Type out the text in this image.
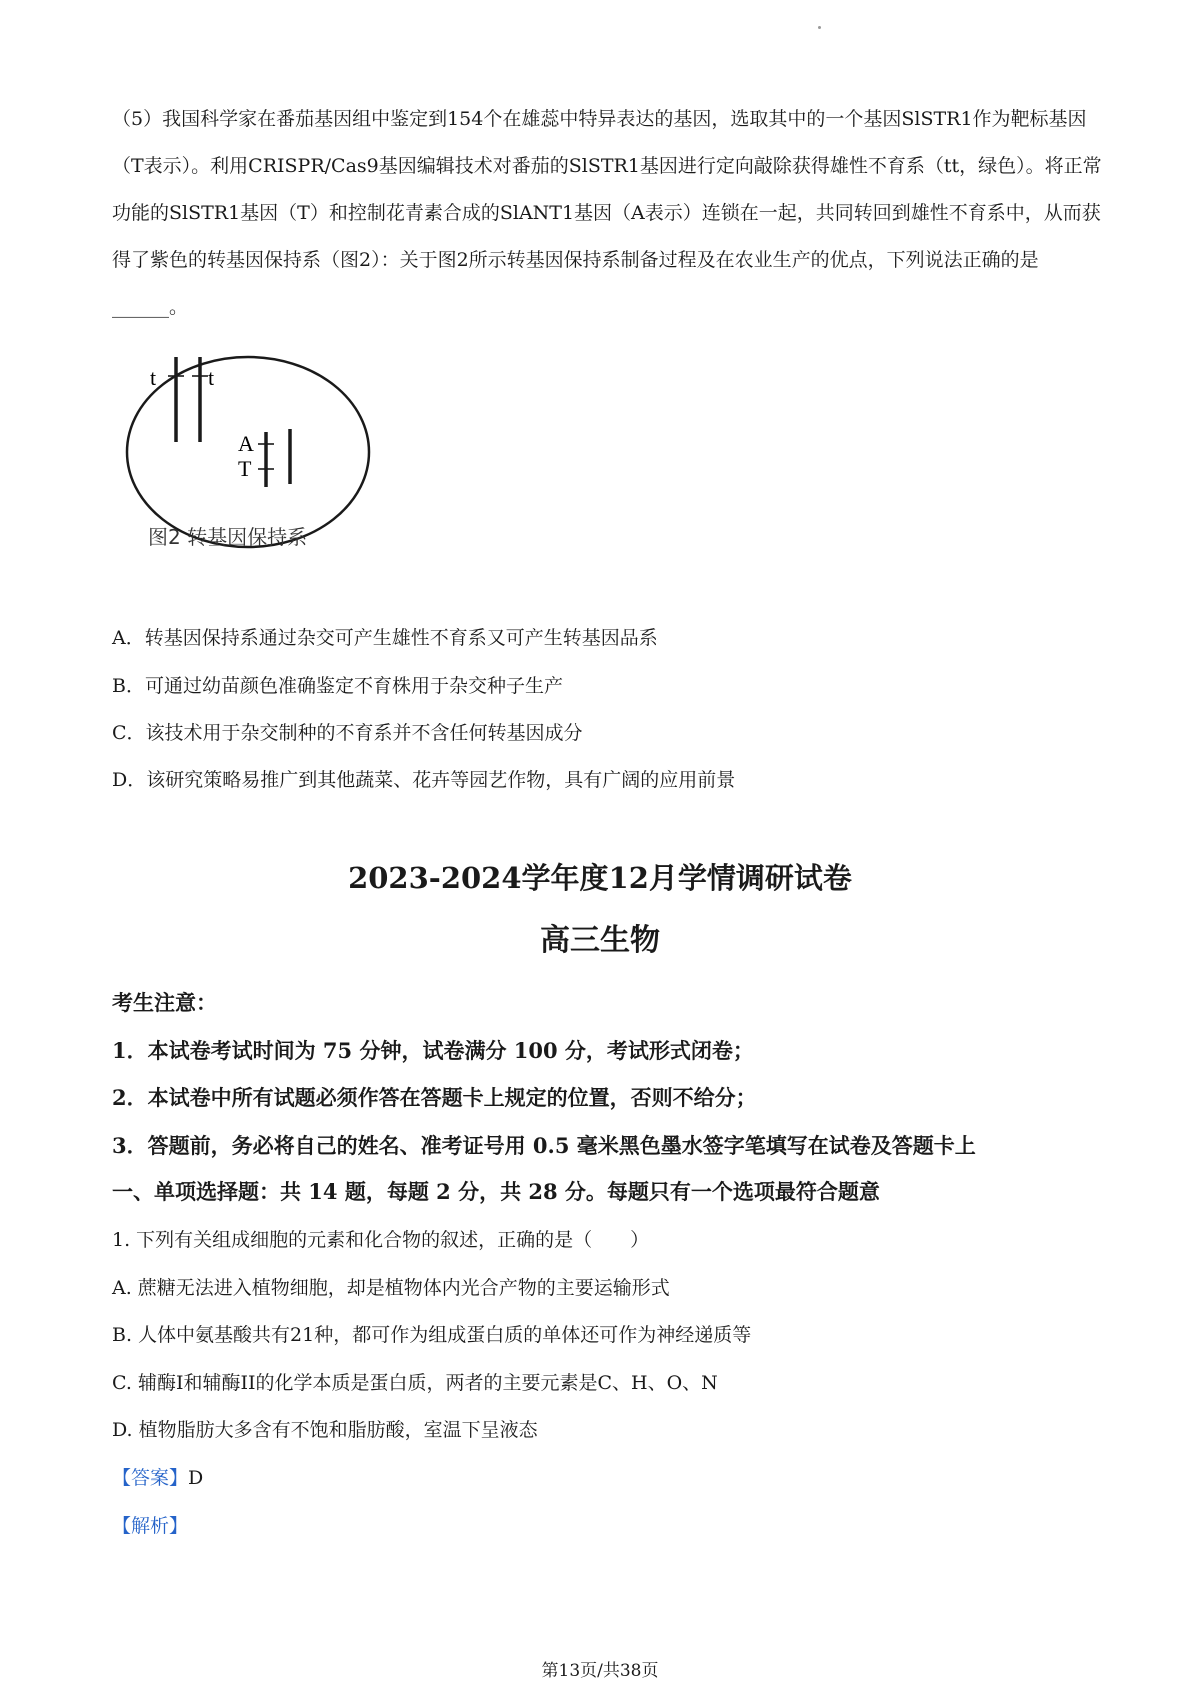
（5）我国科学家在番茄基因组中鉴定到154个在雄蕊中特异表达的基因，选取其中的一个基因SlSTR1作为靶标基因（T表示）。利用CRISPR/Cas9基因编辑技术对番茄的SlSTR1基因进行定向敲除获得雄性不育系（tt，绿色）。将正常功能的SlSTR1基因（T）和控制花青素合成的SlANT1基因（A表示）连锁在一起，共同转回到雄性不育系中，从而获得了紫色的转基因保持系（图2）：关于图2所示转基因保持系制备过程及在农业生产的优点，下列说法正确的是______。
t t
A
T
图2 转基因保持系
A．转基因保持系通过杂交可产生雄性不育系又可产生转基因品系
B．可通过幼苗颜色准确鉴定不育株用于杂交种子生产
C．该技术用于杂交制种的不育系并不含任何转基因成分
D．该研究策略易推广到其他蔬菜、花卉等园艺作物，具有广阔的应用前景
2023-2024学年度12月学情调研试卷
高三生物
考生注意：
1．本试卷考试时间为 75 分钟，试卷满分 100 分，考试形式闭卷；
2．本试卷中所有试题必须作答在答题卡上规定的位置，否则不给分；
3．答题前，务必将自己的姓名、准考证号用 0.5 毫米黑色墨水签字笔填写在试卷及答题卡上
一、单项选择题：共 14 题，每题 2 分，共 28 分。每题只有一个选项最符合题意
1. 下列有关组成细胞的元素和化合物的叙述，正确的是（　　）
A. 蔗糖无法进入植物细胞，却是植物体内光合产物的主要运输形式
B. 人体中氨基酸共有21种，都可作为组成蛋白质的单体还可作为神经递质等
C. 辅酶I和辅酶II的化学本质是蛋白质，两者的主要元素是C、H、O、N
D. 植物脂肪大多含有不饱和脂肪酸，室温下呈液态
【答案】D
【解析】
第13页/共38页
